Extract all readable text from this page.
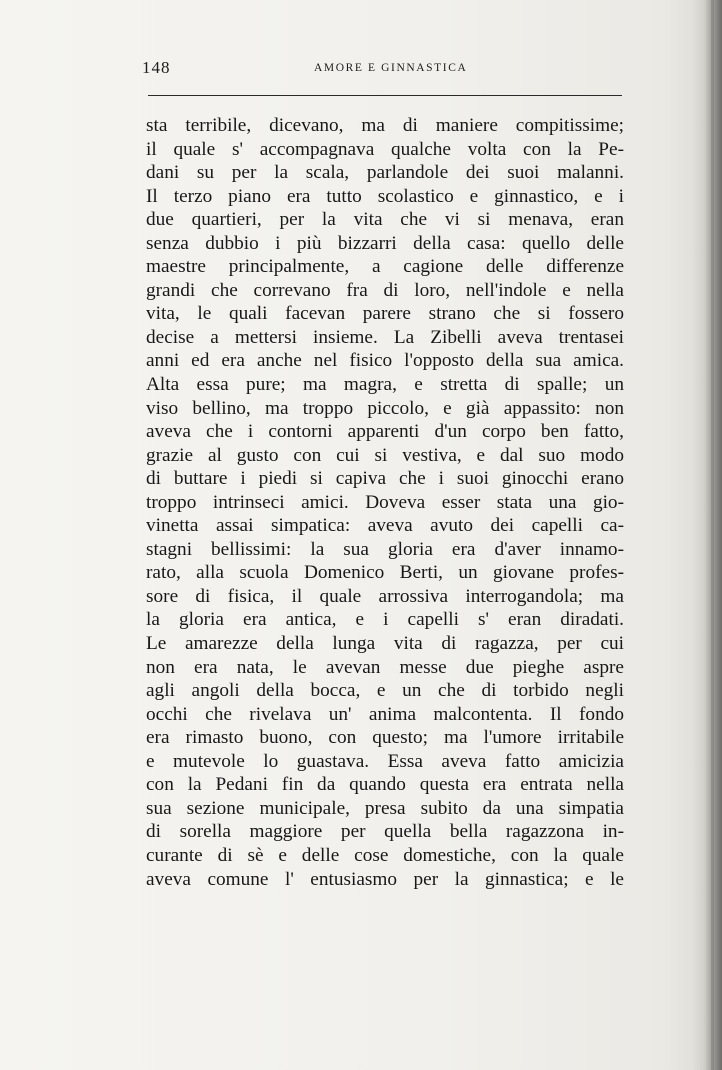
148	AMORE E GINNASTICA
sta terribile, dicevano, ma di maniere compitissime;
il quale s' accompagnava qualche volta con la Pe-
dani su per la scala, parlandole dei suoi malanni.
Il terzo piano era tutto scolastico e ginnastico, e i
due quartieri, per la vita che vi si menava, eran
senza dubbio i più bizzarri della casa: quello delle
maestre principalmente, a cagione delle differenze
grandi che correvano fra di loro, nell'indole e nella
vita, le quali facevan parere strano che si fossero
decise a mettersi insieme. La Zibelli aveva trentasei
anni ed era anche nel fisico l'opposto della sua amica.
Alta essa pure; ma magra, e stretta di spalle; un
viso bellino, ma troppo piccolo, e già appassito: non
aveva che i contorni apparenti d'un corpo ben fatto,
grazie al gusto con cui si vestiva, e dal suo modo
di buttare i piedi si capiva che i suoi ginocchi erano
troppo intrinseci amici. Doveva esser stata una gio-
vinetta assai simpatica: aveva avuto dei capelli ca-
stagni bellissimi: la sua gloria era d'aver innamo-
rato, alla scuola Domenico Berti, un giovane profes-
sore di fisica, il quale arrossiva interrogandola; ma
la gloria era antica, e i capelli s' eran diradati.
Le amarezze della lunga vita di ragazza, per cui
non era nata, le avevan messe due pieghe aspre
agli angoli della bocca, e un che di torbido negli
occhi che rivelava un' anima malcontenta. Il fondo
era rimasto buono, con questo; ma l'umore irritabile
e mutevole lo guastava. Essa aveva fatto amicizia
con la Pedani fin da quando questa era entrata nella
sua sezione municipale, presa subito da una simpatia
di sorella maggiore per quella bella ragazzona in-
curante di sè e delle cose domestiche, con la quale
aveva comune l' entusiasmo per la ginnastica; e le
